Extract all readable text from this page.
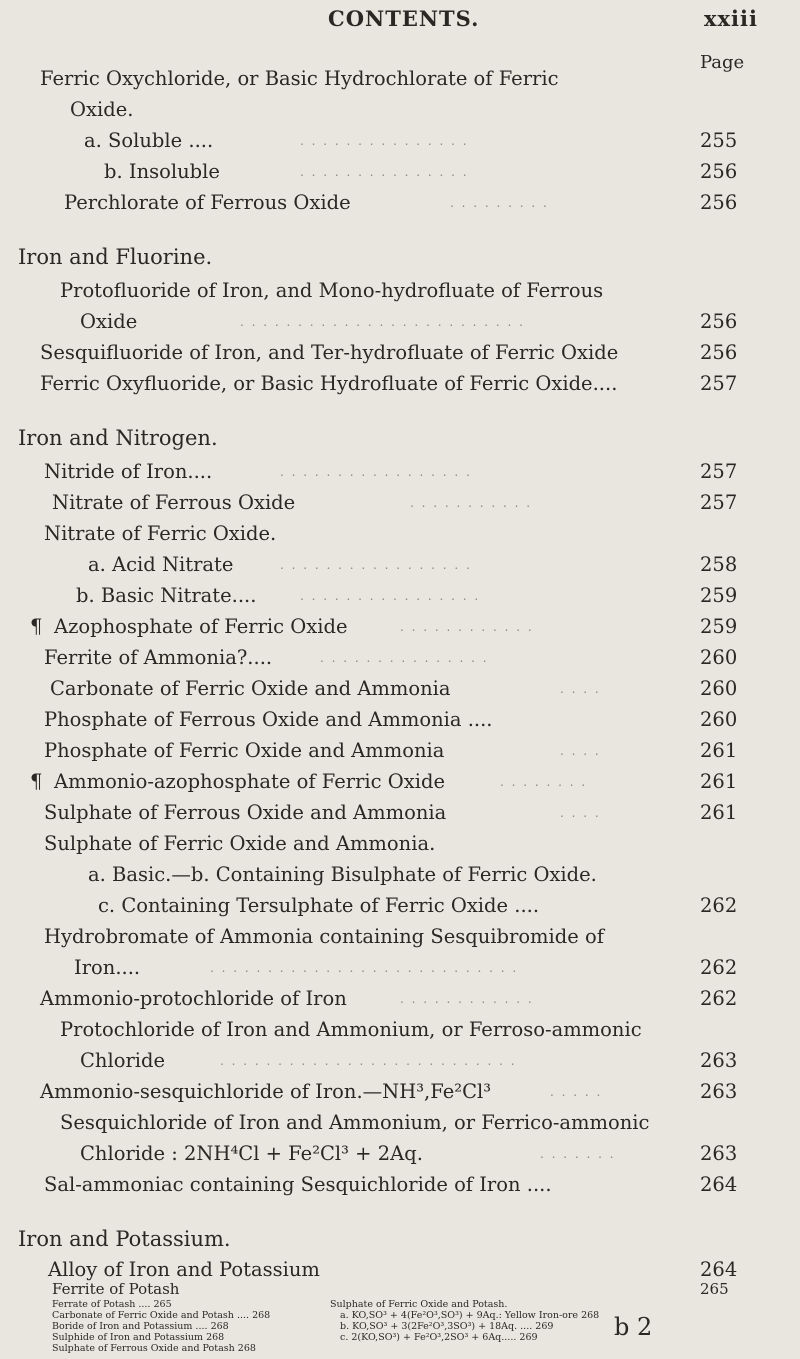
CONTENTS.	xxiii
Page
Ferric Oxychloride, or Basic Hydrochlorate of Ferric
Oxide.
a. Soluble ....	. . . . . . . . . . . . . . .	255
b. Insoluble	. . . . . . . . . . . . . . .	256
Perchlorate of Ferrous Oxide	. . . . . . . . .	256
Iron and Fluorine.
Protofluoride of Iron, and Mono-hydrofluate of Ferrous
Oxide	. . . . . . . . . . . . . . . . . . . . . . . . .	256
Sesquifluoride of Iron, and Ter-hydrofluate of Ferric Oxide	256
Ferric Oxyfluoride, or Basic Hydrofluate of Ferric Oxide....	257
Iron and Nitrogen.
Nitride of Iron....	. . . . . . . . . . . . . . . . .	257
Nitrate of Ferrous Oxide	. . . . . . . . . . .	257
Nitrate of Ferric Oxide.
a. Acid Nitrate	. . . . . . . . . . . . . . . . .	258
b. Basic Nitrate....	. . . . . . . . . . . . . . . .	259
¶ Azophosphate of Ferric Oxide	. . . . . . . . . . . .	259
Ferrite of Ammonia?....	. . . . . . . . . . . . . . .	260
Carbonate of Ferric Oxide and Ammonia	. . . .	260
Phosphate of Ferrous Oxide and Ammonia ....	260
Phosphate of Ferric Oxide and Ammonia	. . . .	261
¶ Ammonio-azophosphate of Ferric Oxide	. . . . . . . .	261
Sulphate of Ferrous Oxide and Ammonia	. . . .	261
Sulphate of Ferric Oxide and Ammonia.
a. Basic.—b. Containing Bisulphate of Ferric Oxide.
c. Containing Tersulphate of Ferric Oxide ....	262
Hydrobromate of Ammonia containing Sesquibromide of
Iron....	. . . . . . . . . . . . . . . . . . . . . . . . . . .	262
Ammonio-protochloride of Iron	. . . . . . . . . . . .	262
Protochloride of Iron and Ammonium, or Ferroso-ammonic
Chloride	. . . . . . . . . . . . . . . . . . . . . . . . . .	263
Ammonio-sesquichloride of Iron.—NH³,Fe²Cl³	. . . . .	263
Sesquichloride of Iron and Ammonium, or Ferrico-ammonic
Chloride : 2NH⁴Cl + Fe²Cl³ + 2Aq.	. . . . . . .	263
Sal-ammoniac containing Sesquichloride of Iron ....	264
Iron and Potassium.
Alloy of Iron and Potassium	264
Ferrite of Potash	265
b 2
Ferrate of Potash .... 265
Carbonate of Ferric Oxide and Potash .... 268
Boride of Iron and Potassium .... 268
Sulphide of Iron and Potassium 268
Sulphate of Ferrous Oxide and Potash 268
Sulphate of Ferric Oxide and Potash.
a. KO,SO³ + 4(Fe²O³,SO³) + 9Aq.: Yellow Iron-ore 268
b. KO,SO³ + 3(2Fe²O³,3SO³) + 18Aq. .... 269
c. 2(KO,SO³) + Fe²O³,2SO³ + 6Aq..... 269
